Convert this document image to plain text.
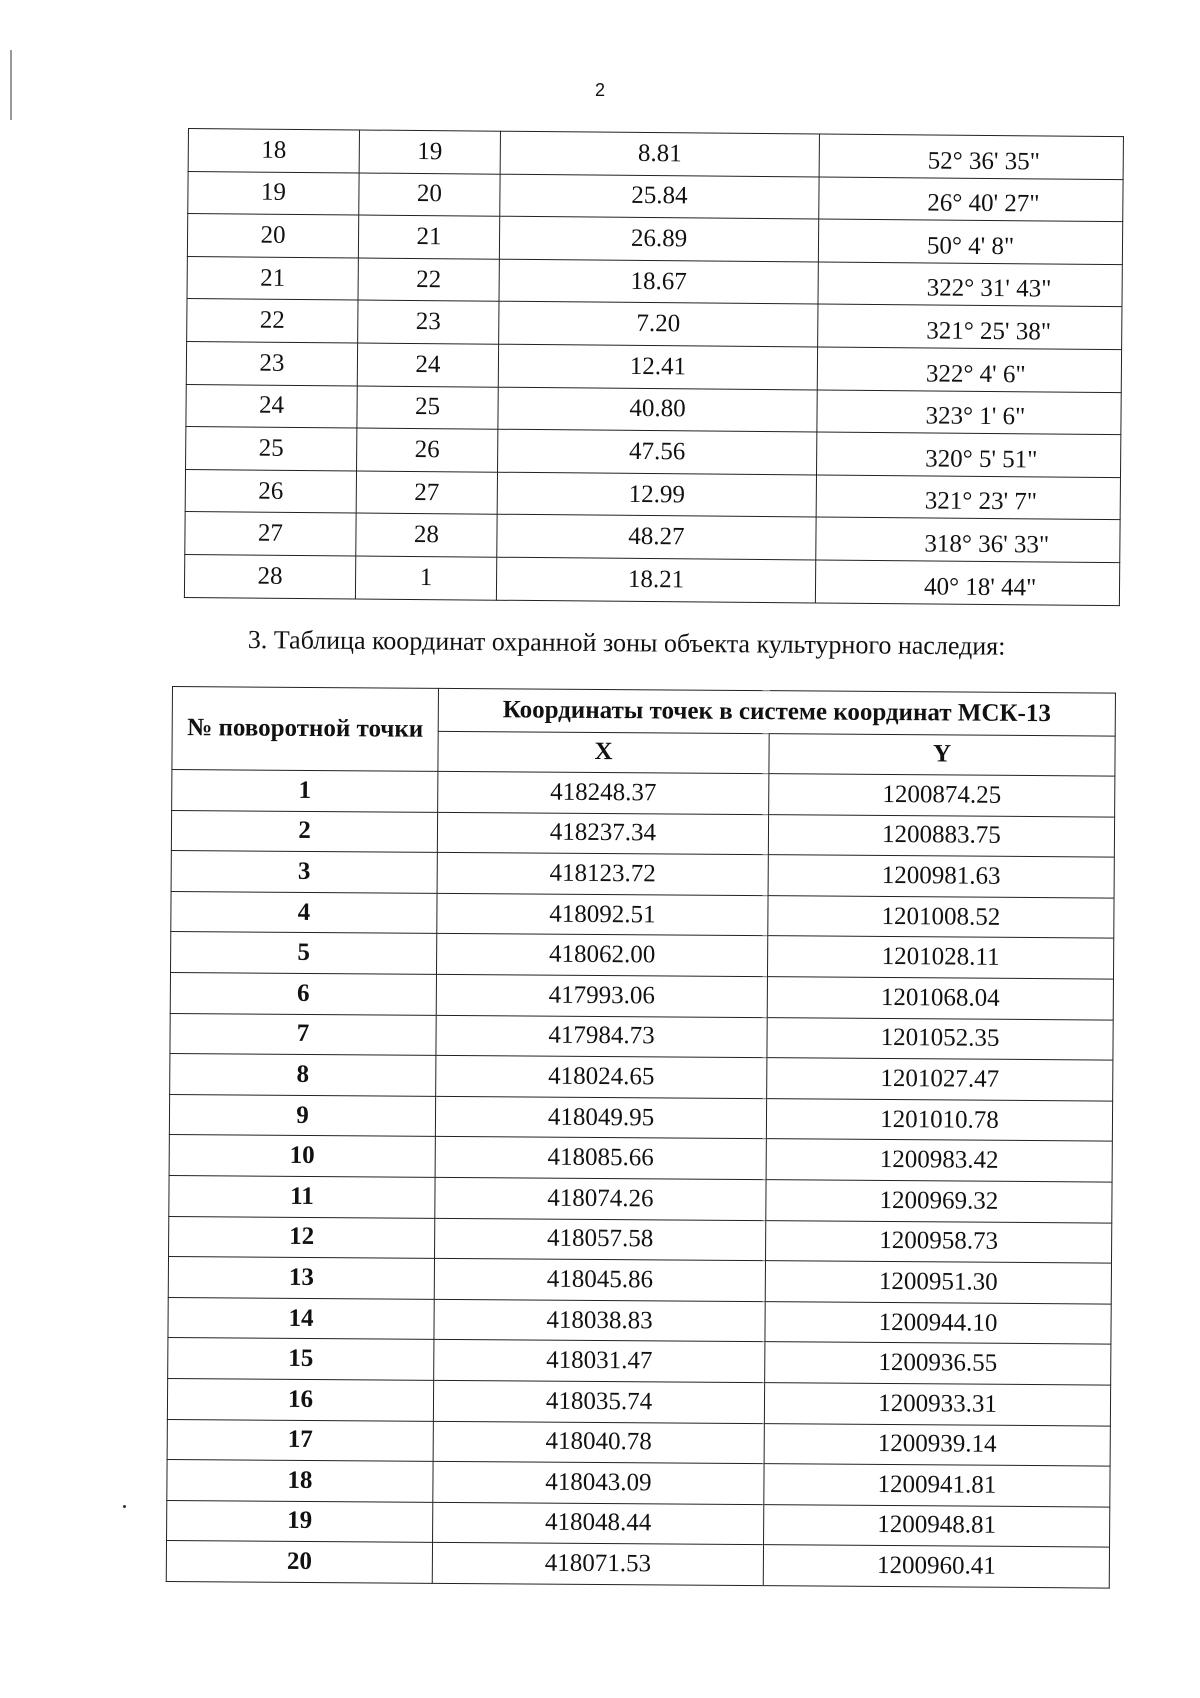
2
18	19	8.81	52° 36' 35"
19	20	25.84	26° 40' 27"
20	21	26.89	50° 4' 8"
21	22	18.67	322° 31' 43"
22	23	7.20	321° 25' 38"
23	24	12.41	322° 4' 6"
24	25	40.80	323° 1' 6"
25	26	47.56	320° 5' 51"
26	27	12.99	321° 23' 7"
27	28	48.27	318° 36' 33"
28	1	18.21	40° 18' 44"
3. Таблица координат охранной зоны объекта культурного наследия:
№ поворотной точки	Координаты точек в системе координат МСК-13	
	X	Y
1	418248.37	1200874.25
2	418237.34	1200883.75
3	418123.72	1200981.63
4	418092.51	1201008.52
5	418062.00	1201028.11
6	417993.06	1201068.04
7	417984.73	1201052.35
8	418024.65	1201027.47
9	418049.95	1201010.78
10	418085.66	1200983.42
11	418074.26	1200969.32
12	418057.58	1200958.73
13	418045.86	1200951.30
14	418038.83	1200944.10
15	418031.47	1200936.55
16	418035.74	1200933.31
17	418040.78	1200939.14
18	418043.09	1200941.81
19	418048.44	1200948.81
20	418071.53	1200960.41
